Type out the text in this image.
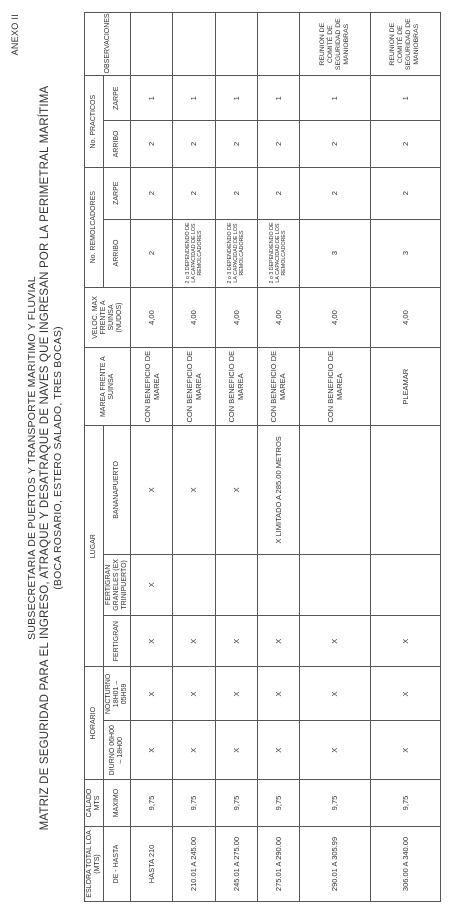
ANEXO II
SUBSECRETARIA DE PUERTOS Y TRANSPORTE MARITIMO Y FLUVIAL MATRIZ DE SEGURIDAD PARA EL INGRESO, ATRAQUE Y DESATRAQUE DE NAVES QUE INGRESAN POR LA PERIMETRAL MARÍTIMA (BOCA ROSARIO, ESTERO SALADO, TRES BOCAS)
ESLORA TOTAL LOA (MTS)	CALADO MTS	HORARIO		LUGAR			MAREA FRENTE A SUINSA	VELOC. MAX FRENTE A SUINSA (NUDOS)	No. REMOLCADORES		No. PRACTICOS		OBSERVACIONES
DE - HASTA	MAXIMO	DIURNO 06H00 – 18H00	NOCTURNO 18H01 – 05H59	FERTIGRAN	FERTIGRAN GRANELES (EX TRINIPUERTO)	BANANAPUERTO			ARRIBO	ZARPE	ARRIBO	ZARPE	
HASTA 210	9,75	X	X	X	X	X	CON BENEFICIO DE MAREA	4,00	2	2	2	1	
210.01 A 245.00	9,75	X	X	X		X	CON BENEFICIO DE MAREA	4,00	2 o 3 DEPENDIENDO DE LA CAPACIDAD DE LOS REMOLCADORES	2	2	1	
245.01 A 275.00	9,75	X	X	X		X	CON BENEFICIO DE MAREA	4,00	2 o 3 DEPENDIENDO DE LA CAPACIDAD DE LOS REMOLCADORES	2	2	1	
275.01 A 290.00	9,75	X	X	X		X LIMITADO A 285.00 METROS	CON BENEFICIO DE MAREA	4,00	2 o 3 DEPENDIENDO DE LA CAPACIDAD DE LOS REMOLCADORES	2	2	1	
290.01 A 305.99	9,75	X	X	X			CON BENEFICIO DE MAREA	4,00	3	2	2	1	REUNION DE COMITÉ DE SEGURIDAD DE MANIOBRAS
306.00 A 340.00	9,75	X	X	X			PLEAMAR	4,00	3	2	2	1	REUNION DE COMITÉ DE SEGURIDAD DE MANIOBRAS
